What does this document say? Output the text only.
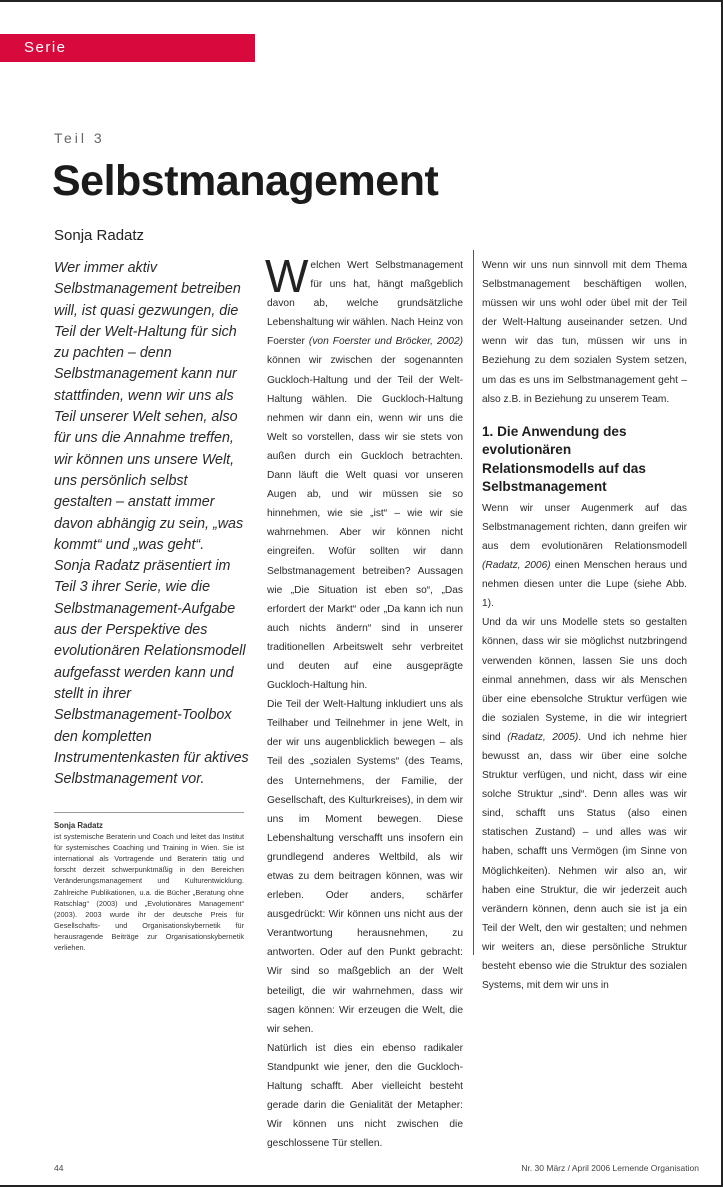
Serie
Teil 3
Selbstmanagement
Sonja Radatz

Wer immer aktiv Selbstmanagement betreiben will, ist quasi gezwungen, die Teil der Welt-Haltung für sich zu pachten – denn Selbstmanagement kann nur stattfinden, wenn wir uns als Teil unserer Welt sehen, also für uns die Annahme treffen, wir können uns unsere Welt, uns persönlich selbst gestalten – anstatt immer davon abhängig zu sein, „was kommt“ und „was geht“.

Sonja Radatz präsentiert im Teil 3 ihrer Serie, wie die Selbstmanagement-Aufgabe aus der Perspektive des evolutionären Relationsmodell aufgefasst werden kann und stellt in ihrer Selbstmanagement-Toolbox den kompletten Instrumentenkasten für aktives Selbstmanagement vor.

Sonja Radatz
ist systemische Beraterin und Coach und leitet das Institut für systemisches Coaching und Training in Wien. Sie ist international als Vortragende und Beraterin tätig und forscht derzeit schwerpunktmäßig in den Bereichen Veränderungsmanagement und Kulturentwicklung. Zahlreiche Publikationen, u.a. die Bücher „Beratung ohne Ratschlag“ (2003) und „Evolutionäres Management“ (2003). 2003 wurde ihr der deutsche Preis für Gesellschafts- und Organisationskybernetik für herausragende Beiträge zur Organisationskybernetik verliehen.

Welchen Wert Selbstmanagement für uns hat, hängt maßgeblich davon ab, welche grundsätzliche Lebenshaltung wir wählen. Nach Heinz von Foerster (von Foerster und Bröcker, 2002) können wir zwischen der sogenannten Guckloch-Haltung und der Teil der Welt-Haltung wählen. Die Guckloch-Haltung nehmen wir dann ein, wenn wir uns die Welt so vorstellen, dass wir sie stets von außen durch ein Guckloch betrachten. Dann läuft die Welt quasi vor unseren Augen ab, und wir müssen sie so hinnehmen, wie sie „ist“ – wie wir sie wahrnehmen. Aber wir können nicht eingreifen. Wofür sollten wir dann Selbstmanagement betreiben? Aussagen wie „Die Situation ist eben so“, „Das erfordert der Markt“ oder „Da kann ich nun auch nichts ändern“ sind in unserer traditionellen Arbeitswelt sehr verbreitet und deuten auf eine ausgeprägte Guckloch-Haltung hin.

Die Teil der Welt-Haltung inkludiert uns als Teilhaber und Teilnehmer in jene Welt, in der wir uns augenblicklich bewegen – als Teil des „sozialen Systems“ (des Teams, des Unternehmens, der Familie, der Gesellschaft, des Kulturkreises), in dem wir uns im Moment bewegen. Diese Lebenshaltung verschafft uns insofern ein grundlegend anderes Weltbild, als wir etwas zu dem beitragen können, was wir erleben. Oder anders, schärfer ausgedrückt: Wir können uns nicht aus der Verantwortung herausnehmen, zu antworten. Oder auf den Punkt gebracht: Wir sind so maßgeblich an der Welt beteiligt, die wir wahrnehmen, dass wir sagen können: Wir erzeugen die Welt, die wir sehen.

Natürlich ist dies ein ebenso radikaler Standpunkt wie jener, den die Guckloch-Haltung schafft. Aber vielleicht besteht gerade darin die Genialität der Metapher: Wir können uns nicht zwischen die geschlossene Tür stellen.

Wenn wir uns nun sinnvoll mit dem Thema Selbstmanagement beschäftigen wollen, müssen wir uns wohl oder übel mit der Teil der Welt-Haltung auseinander setzen. Und wenn wir das tun, müssen wir uns in Beziehung zu dem sozialen System setzen, um das es uns im Selbstmanagement geht – also z.B. in Beziehung zu unserem Team.

1. Die Anwendung des evolutionären Relationsmodells auf das Selbstmanagement

Wenn wir unser Augenmerk auf das Selbstmanagement richten, dann greifen wir aus dem evolutionären Relationsmodell (Radatz, 2006) einen Menschen heraus und nehmen diesen unter die Lupe (siehe Abb. 1).

Und da wir uns Modelle stets so gestalten können, dass wir sie möglichst nutzbringend verwenden können, lassen Sie uns doch einmal annehmen, dass wir als Menschen über eine ebensolche Struktur verfügen wie die sozialen Systeme, in die wir integriert sind (Radatz, 2005). Und ich nehme hier bewusst an, dass wir über eine solche Struktur verfügen, und nicht, dass wir eine solche Struktur „sind“. Denn alles was wir sind, schafft uns Status (also einen statischen Zustand) – und alles was wir haben, schafft uns Vermögen (im Sinne von Möglichkeiten). Nehmen wir also an, wir haben eine Struktur, die wir jederzeit auch verändern können, denn auch sie ist ja ein Teil der Welt, den wir gestalten; und nehmen wir weiters an, diese persönliche Struktur besteht ebenso wie die Struktur des sozialen Systems, mit dem wir uns in

44	Nr. 30 März / April 2006 Lernende Organisation
